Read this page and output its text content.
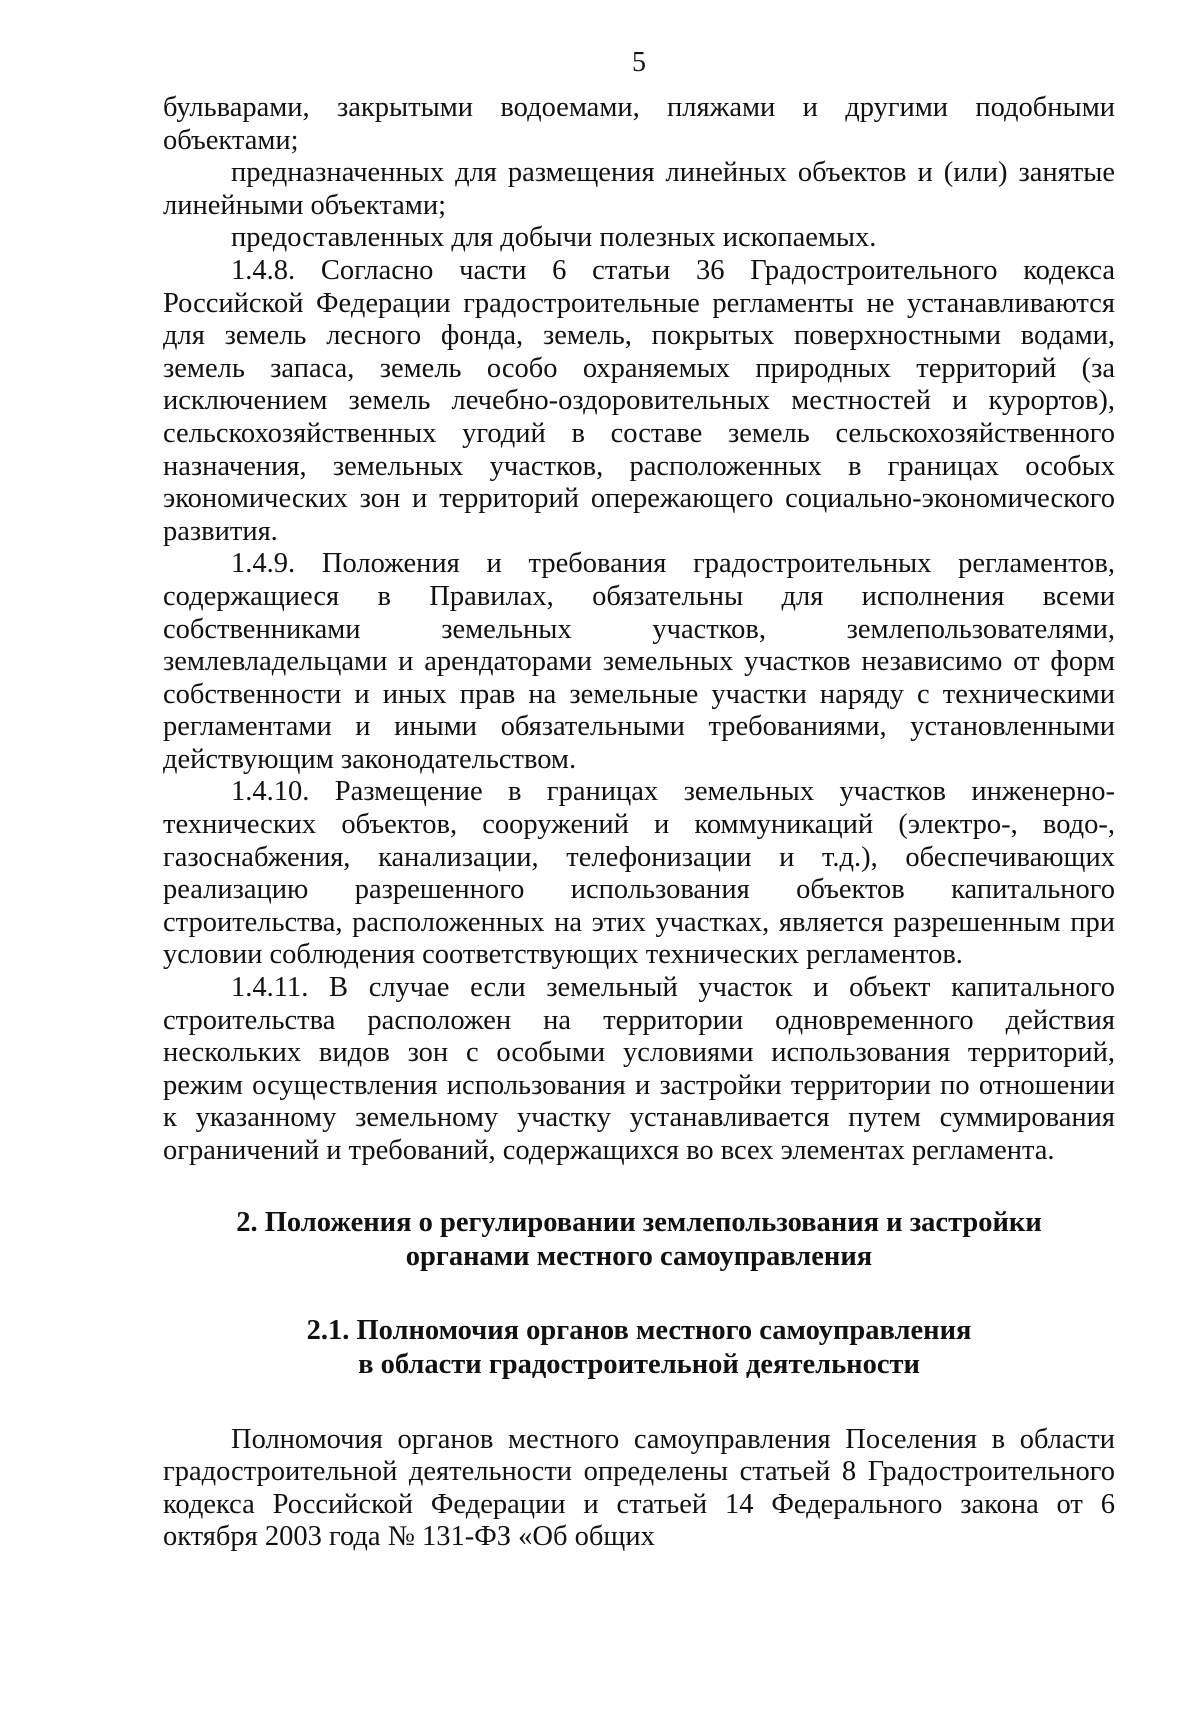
5

бульварами, закрытыми водоемами, пляжами и другими подобными объектами;

предназначенных для размещения линейных объектов и (или) занятые линейными объектами;

предоставленных для добычи полезных ископаемых.

1.4.8. Согласно части 6 статьи 36 Градостроительного кодекса Российской Федерации градостроительные регламенты не устанавливаются для земель лесного фонда, земель, покрытых поверхностными водами, земель запаса, земель особо охраняемых природных территорий (за исключением земель лечебно-оздоровительных местностей и курортов), сельскохозяйственных угодий в составе земель сельскохозяйственного назначения, земельных участков, расположенных в границах особых экономических зон и территорий опережающего социально-экономического развития.

1.4.9. Положения и требования градостроительных регламентов, содержащиеся в Правилах, обязательны для исполнения всеми собственниками земельных участков, землепользователями, землевладельцами и арендаторами земельных участков независимо от форм собственности и иных прав на земельные участки наряду с техническими регламентами и иными обязательными требованиями, установленными действующим законодательством.

1.4.10. Размещение в границах земельных участков инженерно-технических объектов, сооружений и коммуникаций (электро-, водо-, газоснабжения, канализации, телефонизации и т.д.), обеспечивающих реализацию разрешенного использования объектов капитального строительства, расположенных на этих участках, является разрешенным при условии соблюдения соответствующих технических регламентов.

1.4.11. В случае если земельный участок и объект капитального строительства расположен на территории одновременного действия нескольких видов зон с особыми условиями использования территорий, режим осуществления использования и застройки территории по отношении к указанному земельному участку устанавливается путем суммирования ограничений и требований, содержащихся во всех элементах регламента.

2. Положения о регулировании землепользования и застройки
органами местного самоуправления
2.1. Полномочия органов местного самоуправления
в области градостроительной деятельности

Полномочия органов местного самоуправления Поселения в области градостроительной деятельности определены статьей 8 Градостроительного кодекса Российской Федерации и статьей 14 Федерального закона от 6 октября 2003 года № 131-ФЗ «Об общих
